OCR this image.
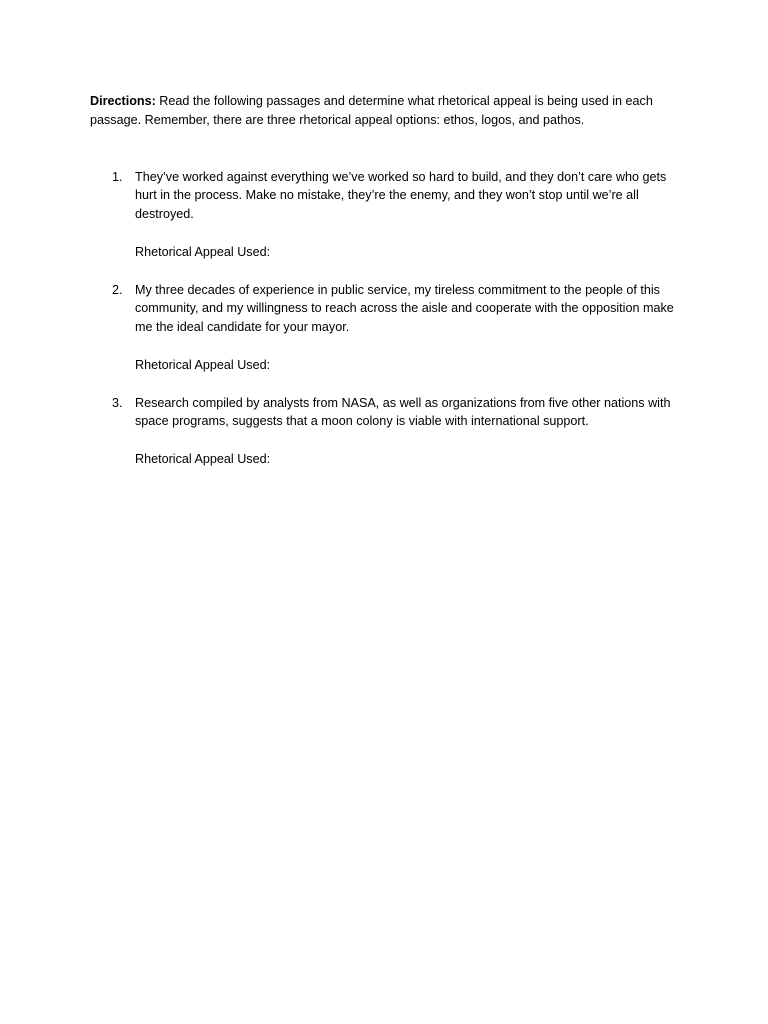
Directions: Read the following passages and determine what rhetorical appeal is being used in each passage. Remember, there are three rhetorical appeal options: ethos, logos, and pathos.

1. They’ve worked against everything we’ve worked so hard to build, and they don’t care who gets hurt in the process. Make no mistake, they’re the enemy, and they won’t stop until we’re all destroyed.

Rhetorical Appeal Used:

2. My three decades of experience in public service, my tireless commitment to the people of this community, and my willingness to reach across the aisle and cooperate with the opposition make me the ideal candidate for your mayor.

Rhetorical Appeal Used:

3. Research compiled by analysts from NASA, as well as organizations from five other nations with space programs, suggests that a moon colony is viable with international support.

Rhetorical Appeal Used:
